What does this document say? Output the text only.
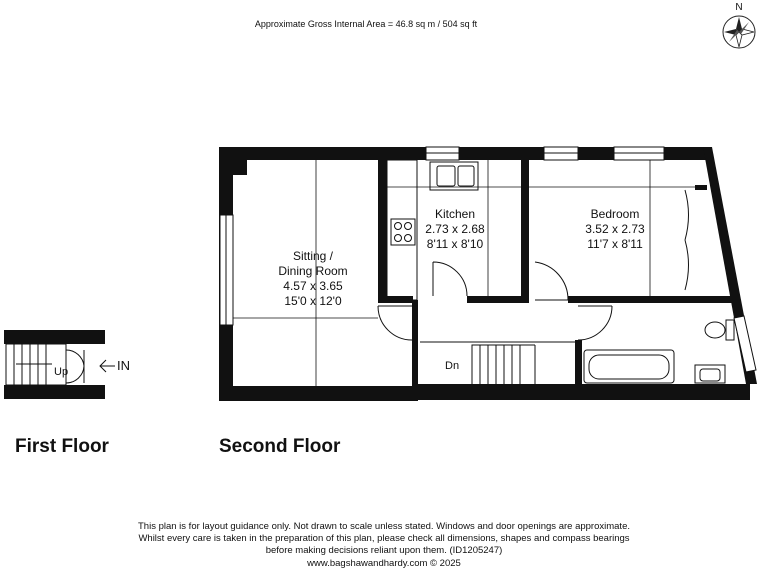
Approximate Gross Internal Area = 46.8 sq m / 504 sq ft
N
Sitting /
Dining Room
4.57 x 3.65
15'0 x 12'0
Kitchen
2.73 x 2.68
8'11 x 8'10
Bedroom
3.52 x 2.73
11'7 x 8'11
Dn
Up	IN
First Floor	Second Floor
This plan is for layout guidance only. Not drawn to scale unless stated. Windows and door openings are approximate.
Whilst every care is taken in the preparation of this plan, please check all dimensions, shapes and compass bearings
before making decisions reliant upon them. (ID1205247)
www.bagshawandhardy.com © 2025
